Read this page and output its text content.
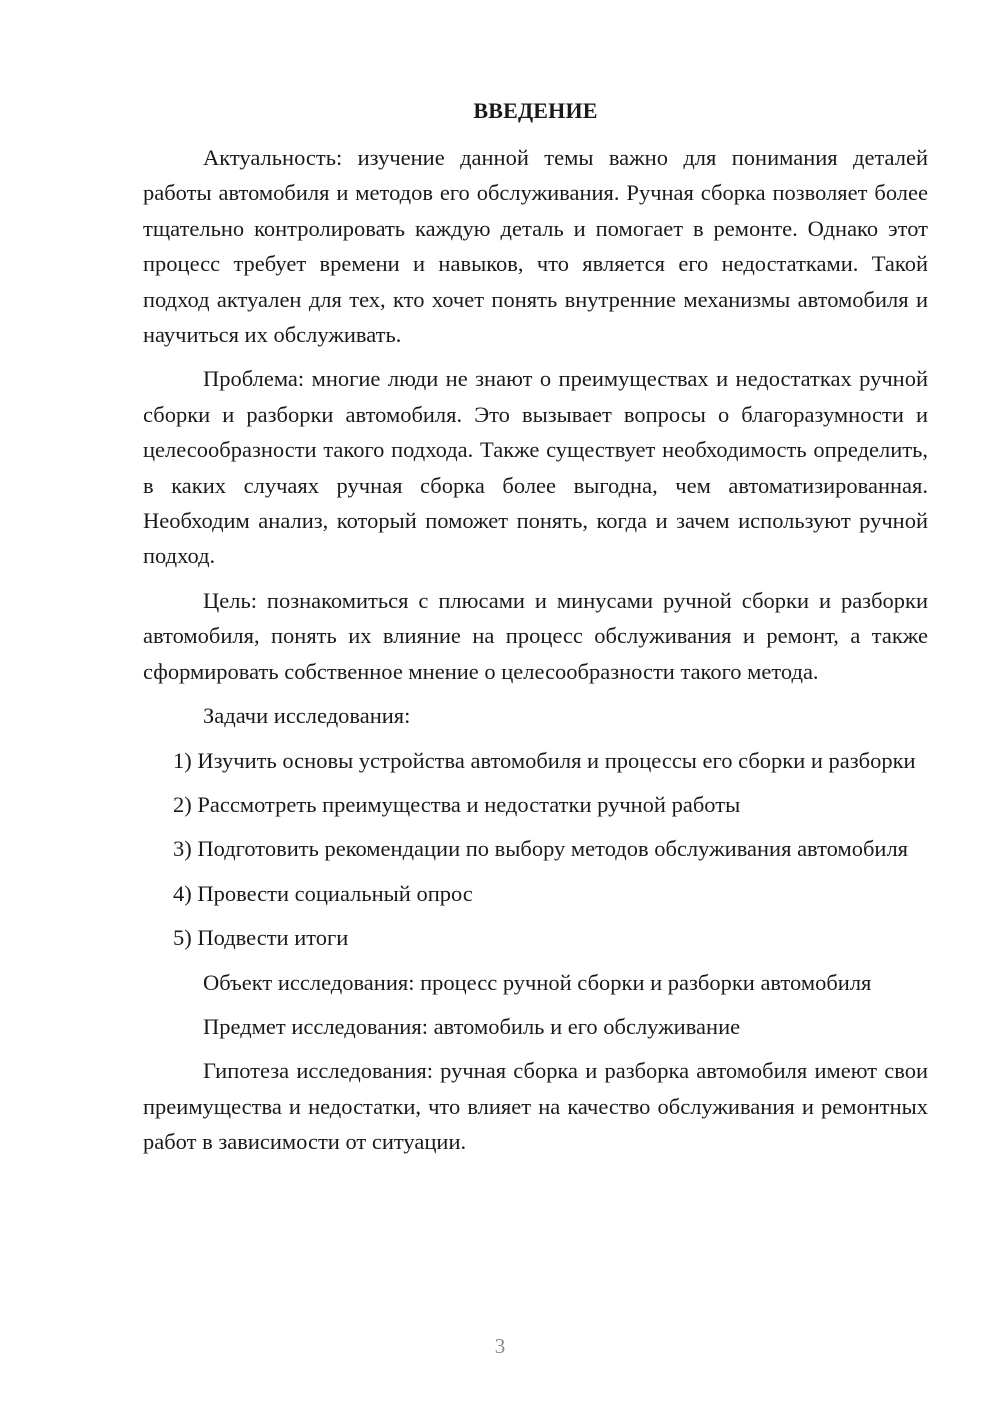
ВВЕДЕНИЕ

Актуальность: изучение данной темы важно для понимания деталей работы автомобиля и методов его обслуживания. Ручная сборка позволяет более тщательно контролировать каждую деталь и помогает в ремонте. Однако этот процесс требует времени и навыков, что является его недостатками. Такой подход актуален для тех, кто хочет понять внутренние механизмы автомобиля и научиться их обслуживать.

Проблема: многие люди не знают о преимуществах и недостатках ручной сборки и разборки автомобиля. Это вызывает вопросы о благоразумности и целесообразности такого подхода. Также существует необходимость определить, в каких случаях ручная сборка более выгодна, чем автоматизированная. Необходим анализ, который поможет понять, когда и зачем используют ручной подход.

Цель: познакомиться с плюсами и минусами ручной сборки и разборки автомобиля, понять их влияние на процесс обслуживания и ремонт, а также сформировать собственное мнение о целесообразности такого метода.

Задачи исследования:

1) Изучить основы устройства автомобиля и процессы его сборки и разборки

2) Рассмотреть преимущества и недостатки ручной работы

3) Подготовить рекомендации по выбору методов обслуживания автомобиля

4) Провести социальный опрос

5) Подвести итоги

Объект исследования: процесс ручной сборки и разборки автомобиля

Предмет исследования: автомобиль и его обслуживание

Гипотеза исследования: ручная сборка и разборка автомобиля имеют свои преимущества и недостатки, что влияет на качество обслуживания и ремонтных работ в зависимости от ситуации.

3
